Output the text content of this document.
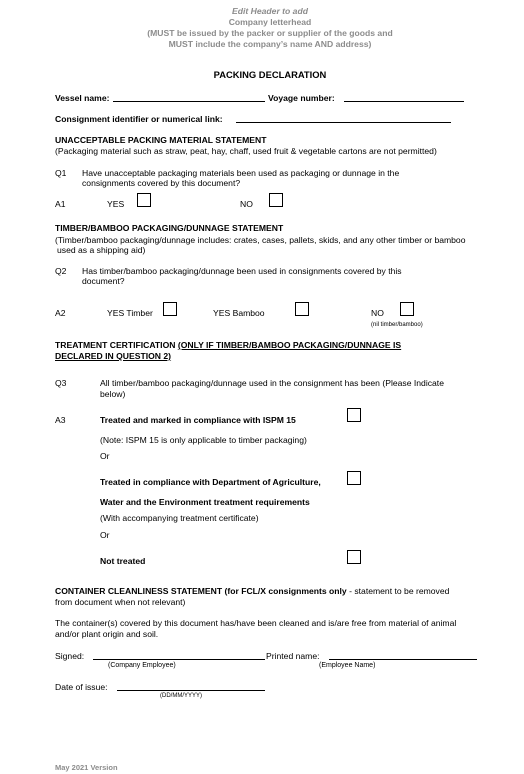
Edit Header to add
Company letterhead
(MUST be issued by the packer or supplier of the goods and
MUST include the company’s name AND address)
PACKING DECLARATION
Vessel name:	Voyage number:
Consignment identifier or numerical link:
UNACCEPTABLE PACKING MATERIAL STATEMENT
(Packaging material such as straw, peat, hay, chaff, used fruit & vegetable cartons are not permitted)
Q1 Have unacceptable packaging materials been used as packaging or dunnage in the
consignments covered by this document?
A1	YES	NO
TIMBER/BAMBOO PACKAGING/DUNNAGE STATEMENT
(Timber/bamboo packaging/dunnage includes: crates, cases, pallets, skids, and any other timber or bamboo
used as a shipping aid)
Q2 Has timber/bamboo packaging/dunnage been used in consignments covered by this
document?
A2	YES Timber	YES Bamboo	NO
(nil timber/bamboo)
TREATMENT CERTIFICATION (ONLY IF TIMBER/BAMBOO PACKAGING/DUNNAGE IS
DECLARED IN QUESTION 2)
Q3	All timber/bamboo packaging/dunnage used in the consignment has been (Please Indicate
below)
A3	Treated and marked in compliance with ISPM 15
(Note: ISPM 15 is only applicable to timber packaging)
Or
Treated in compliance with Department of Agriculture,
Water and the Environment treatment requirements
(With accompanying treatment certificate)
Or
Not treated
CONTAINER CLEANLINESS STATEMENT (for FCL/X consignments only - statement to be removed
from document when not relevant)
The container(s) covered by this document has/have been cleaned and is/are free from material of animal
and/or plant origin and soil.
Signed:	Printed name:
(Company Employee)	(Employee Name)
Date of issue:
(DD/MM/YYYY)
May 2021 Version
